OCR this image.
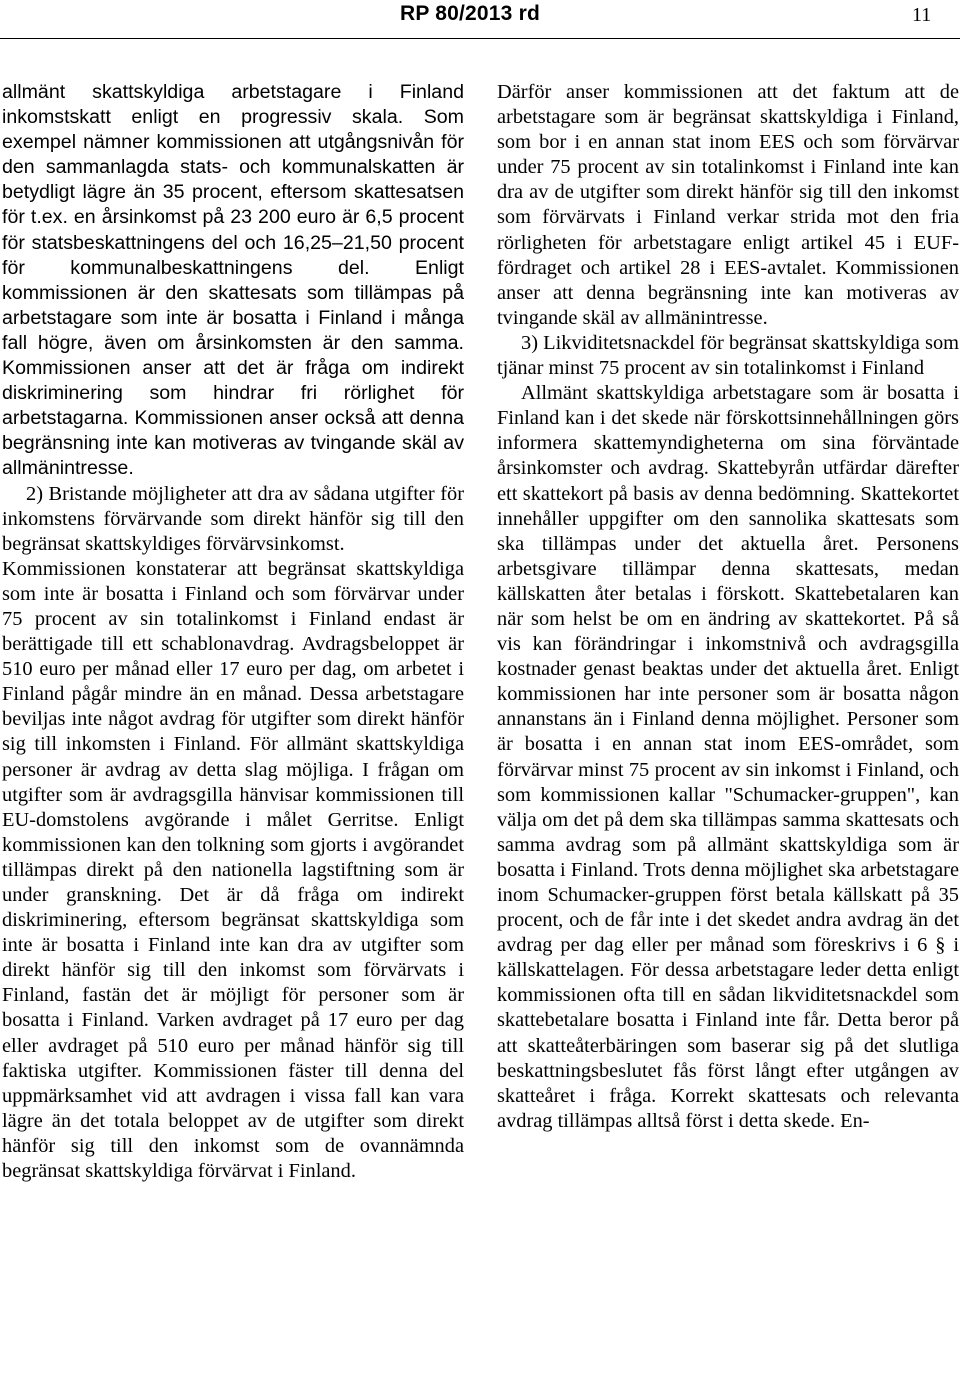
RP 80/2013 rd	11

allmänt skattskyldiga arbetstagare i Finland inkomstskatt enligt en progressiv skala. Som exempel nämner kommissionen att utgångsnivån för den sammanlagda stats- och kommunalskatten är betydligt lägre än 35 procent, eftersom skattesatsen för t.ex. en årsinkomst på 23 200 euro är 6,5 procent för statsbeskattningens del och 16,25–21,50 procent för kommunalbeskattningens del. Enligt kommissionen är den skattesats som tillämpas på arbetstagare som inte är bosatta i Finland i många fall högre, även om årsinkomsten är den samma. Kommissionen anser att det är fråga om indirekt diskriminering som hindrar fri rörlighet för arbetstagarna. Kommissionen anser också att denna begränsning inte kan motiveras av tvingande skäl av allmänintresse.

2) Bristande möjligheter att dra av sådana utgifter för inkomstens förvärvande som direkt hänför sig till den begränsat skattskyldiges förvärvsinkomst.

Kommissionen konstaterar att begränsat skattskyldiga som inte är bosatta i Finland och som förvärvar under 75 procent av sin totalinkomst i Finland endast är berättigade till ett schablonavdrag. Avdragsbeloppet är 510 euro per månad eller 17 euro per dag, om arbetet i Finland pågår mindre än en månad. Dessa arbetstagare beviljas inte något avdrag för utgifter som direkt hänför sig till inkomsten i Finland. För allmänt skattskyldiga personer är avdrag av detta slag möjliga. I frågan om utgifter som är avdragsgilla hänvisar kommissionen till EU-domstolens avgörande i målet Gerritse. Enligt kommissionen kan den tolkning som gjorts i avgörandet tillämpas direkt på den nationella lagstiftning som är under granskning. Det är då fråga om indirekt diskriminering, eftersom begränsat skattskyldiga som inte är bosatta i Finland inte kan dra av utgifter som direkt hänför sig till den inkomst som förvärvats i Finland, fastän det är möjligt för personer som är bosatta i Finland. Varken avdraget på 17 euro per dag eller avdraget på 510 euro per månad hänför sig till faktiska utgifter. Kommissionen fäster till denna del uppmärksamhet vid att avdragen i vissa fall kan vara lägre än det totala beloppet av de utgifter som direkt hänför sig till den inkomst som de ovannämnda begränsat skattskyldiga förvärvat i Finland.

Därför anser kommissionen att det faktum att de arbetstagare som är begränsat skattskyldiga i Finland, som bor i en annan stat inom EES och som förvärvar under 75 procent av sin totalinkomst i Finland inte kan dra av de utgifter som direkt hänför sig till den inkomst som förvärvats i Finland verkar strida mot den fria rörligheten för arbetstagare enligt artikel 45 i EUF-fördraget och artikel 28 i EES-avtalet. Kommissionen anser att denna begränsning inte kan motiveras av tvingande skäl av allmänintresse.

3) Likviditetsnackdel för begränsat skattskyldiga som tjänar minst 75 procent av sin totalinkomst i Finland

Allmänt skattskyldiga arbetstagare som är bosatta i Finland kan i det skede när förskottsinnehållningen görs informera skattemyndigheterna om sina förväntade årsinkomster och avdrag. Skattebyrån utfärdar därefter ett skattekort på basis av denna bedömning. Skattekortet innehåller uppgifter om den sannolika skattesats som ska tillämpas under det aktuella året. Personens arbetsgivare tillämpar denna skattesats, medan källskatten åter betalas i förskott. Skattebetalaren kan när som helst be om en ändring av skattekortet. På så vis kan förändringar i inkomstnivå och avdragsgilla kostnader genast beaktas under det aktuella året. Enligt kommissionen har inte personer som är bosatta någon annanstans än i Finland denna möjlighet. Personer som är bosatta i en annan stat inom EES-området, som förvärvar minst 75 procent av sin inkomst i Finland, och som kommissionen kallar "Schumacker-gruppen", kan välja om det på dem ska tillämpas samma skattesats och samma avdrag som på allmänt skattskyldiga som är bosatta i Finland. Trots denna möjlighet ska arbetstagare inom Schumacker-gruppen först betala källskatt på 35 procent, och de får inte i det skedet andra avdrag än det avdrag per dag eller per månad som föreskrivs i 6 § i källskattelagen. För dessa arbetstagare leder detta enligt kommissionen ofta till en sådan likviditetsnackdel som skattebetalare bosatta i Finland inte får. Detta beror på att skatteåterbäringen som baserar sig på det slutliga beskattningsbeslutet fås först långt efter utgången av skatteåret i fråga. Korrekt skattesats och relevanta avdrag tillämpas alltså först i detta skede. En-
